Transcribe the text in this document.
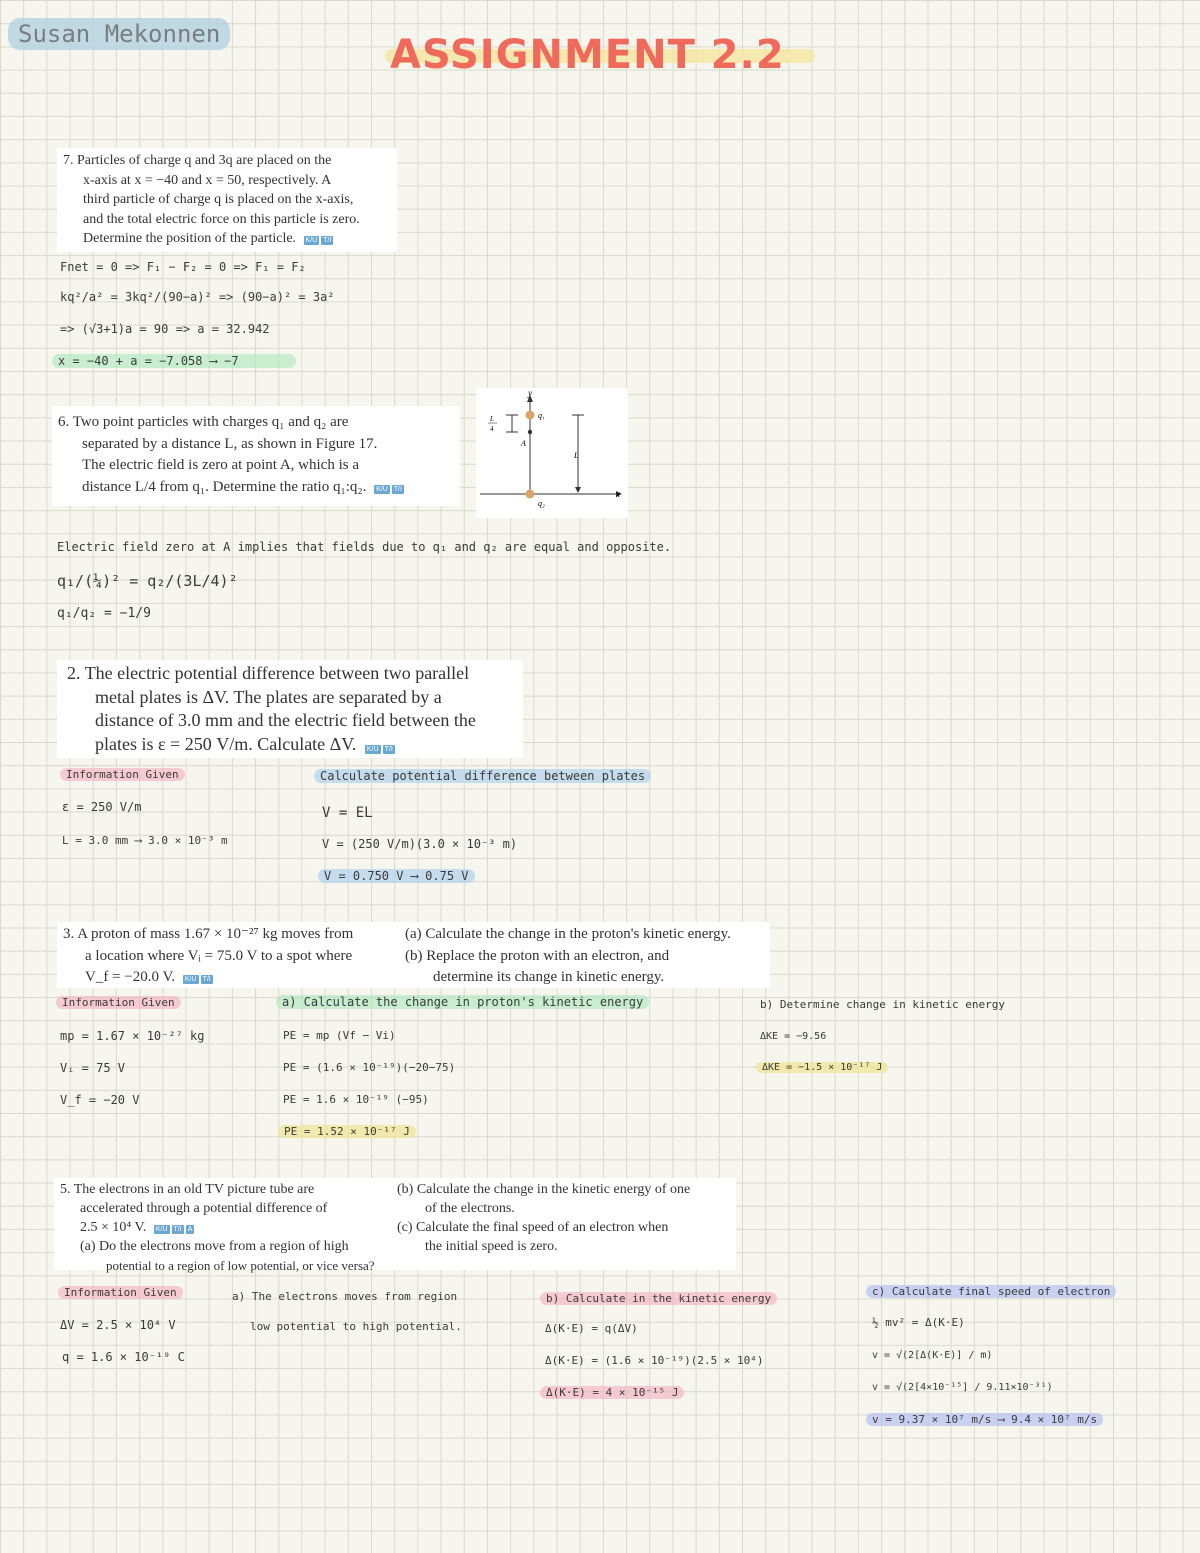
Susan Mekonnen	ASSIGNMENT 2.2

7. Particles of charge q and 3q are placed on the

x-axis at x = −40 and x = 50, respectively. A

third particle of charge q is placed on the x-axis,

and the total electric force on this particle is zero.

Determine the position of the particle. K/U T/I

Fnet = 0 => F₁ − F₂ = 0 => F₁ = F₂
kq²/a² = 3kq²/(90−a)² => (90−a)² = 3a²
=> (√3+1)a = 90 => a = 32.942
x = −40 + a = −7.058 ⟶ −7

6. Two point particles with charges q₁ and q₂ are

separated by a distance L, as shown in Figure 17.

The electric field is zero at point A, which is a

distance L/4 from q₁. Determine the ratio q₁:q₂. K/U T/I

y
x
q₁
q₂
A
L
L
4
Electric field zero at A implies that fields due to q₁ and q₂ are equal and opposite.
q₁/(¼)² = q₂/(3L/4)²
q₁/q₂ = −1/9

2. The electric potential difference between two parallel

metal plates is ΔV. The plates are separated by a

distance of 3.0 mm and the electric field between the

plates is ε = 250 V/m. Calculate ΔV. K/U T/I

Information Given
ε = 250 V/m
L = 3.0 mm ⟶ 3.0 × 10⁻³ m
Calculate potential difference between plates
V = EL
V = (250 V/m)(3.0 × 10⁻³ m)
V = 0.750 V ⟶ 0.75 V

3. A proton of mass 1.67 × 10⁻²⁷ kg moves from

a location where Vᵢ = 75.0 V to a spot where

V_f = −20.0 V. K/U T/I

(a) Calculate the change in the proton's kinetic energy.

(b) Replace the proton with an electron, and

determine its change in kinetic energy.

Information Given
mp = 1.67 × 10⁻²⁷ kg
Vᵢ = 75 V
V_f = −20 V
a) Calculate the change in proton's kinetic energy
PE = mp (Vf − Vi)
PE = (1.6 × 10⁻¹⁹)(−20−75)
PE = 1.6 × 10⁻¹⁹ (−95)
PE = 1.52 × 10⁻¹⁷ J
b) Determine change in kinetic energy
ΔKE = −9.56
ΔKE = −1.5 × 10⁻¹⁷ J

5. The electrons in an old TV picture tube are

accelerated through a potential difference of

2.5 × 10⁴ V. K/U T/I A

(a) Do the electrons move from a region of high

potential to a region of low potential, or vice versa?

(b) Calculate the change in the kinetic energy of one

of the electrons.

(c) Calculate the final speed of an electron when

the initial speed is zero.

Information Given
ΔV = 2.5 × 10⁴ V
q = 1.6 × 10⁻¹⁹ C
a) The electrons moves from region
low potential to high potential.
b) Calculate in the kinetic energy
Δ(K·E) = q(ΔV)
Δ(K·E) = (1.6 × 10⁻¹⁹)(2.5 × 10⁴)
Δ(K·E) = 4 × 10⁻¹⁵ J
c) Calculate final speed of electron
½ mv² = Δ(K·E)
v = √(2[Δ(K·E)] / m)
v = √(2[4×10⁻¹⁵] / 9.11×10⁻³¹)
v = 9.37 × 10⁷ m/s ⟶ 9.4 × 10⁷ m/s
